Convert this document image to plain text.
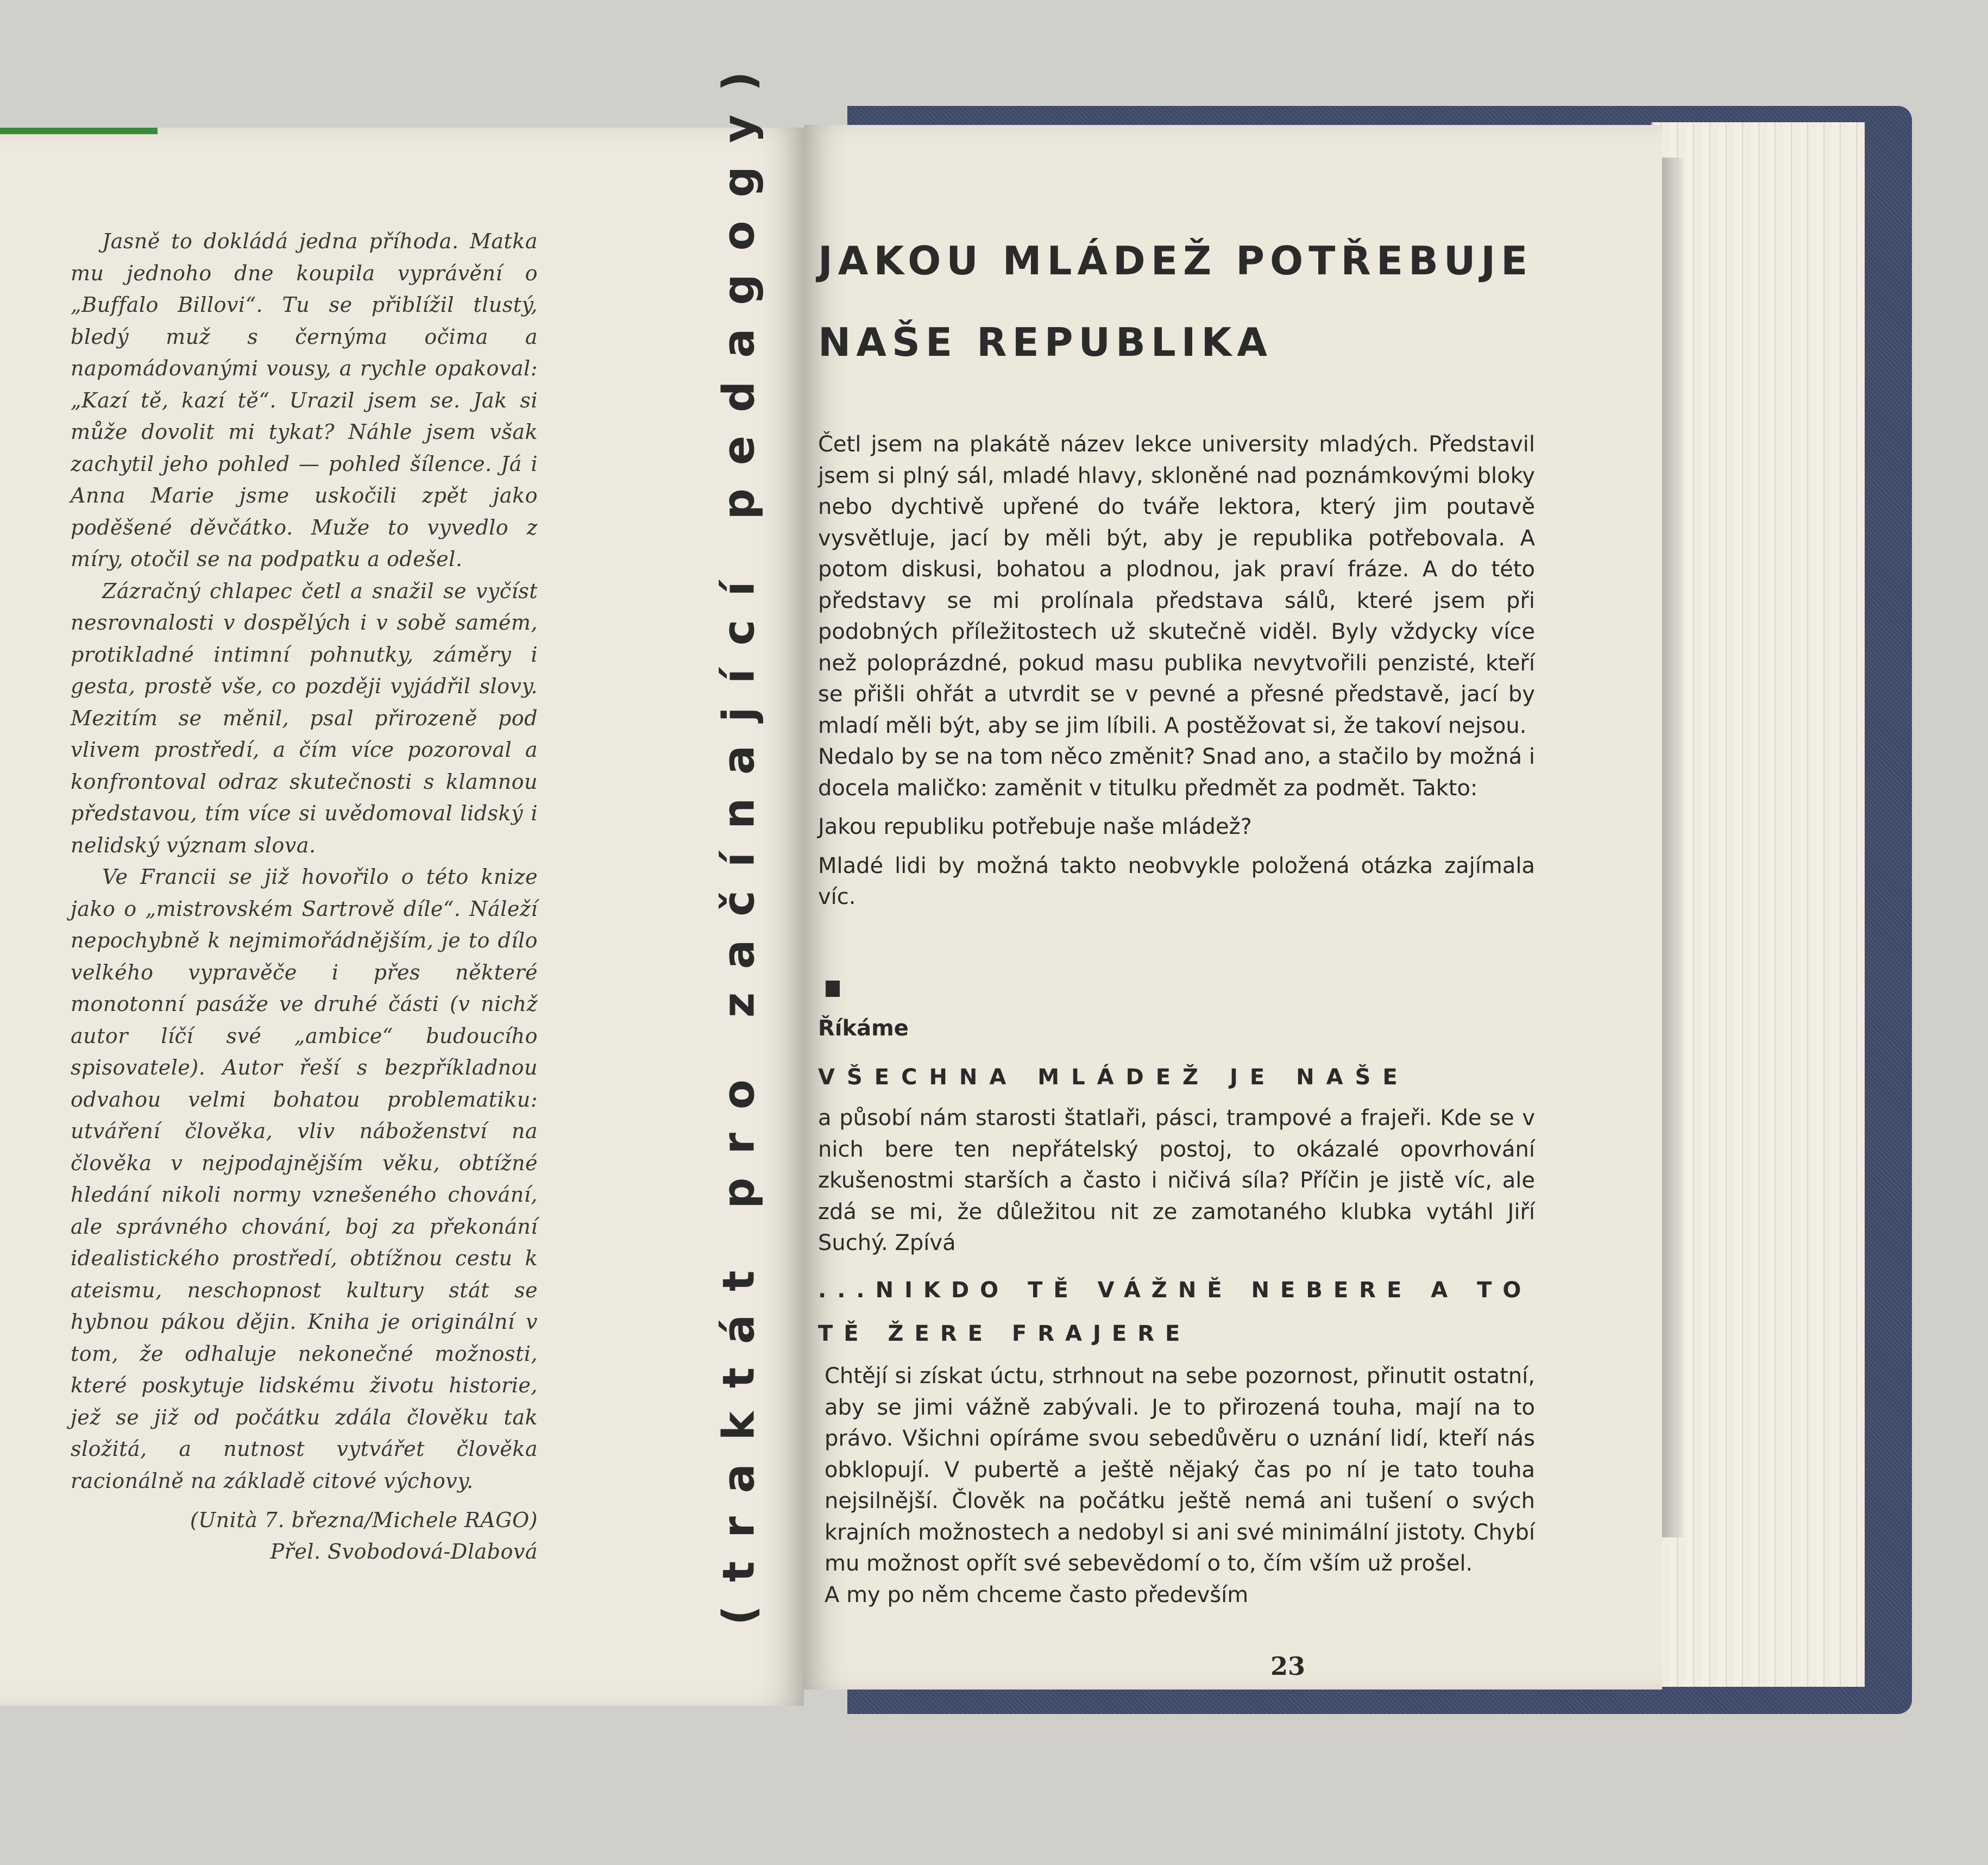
Jasně to dokládá jedna příhoda. Matka mu jednoho dne koupila vyprávění o „Buffalo Billovi“. Tu se přiblížil tlustý, bledý muž s černýma očima a napomádovanými vousy, a rychle opakoval: „Kazí tě, kazí tě“. Urazil jsem se. Jak si může dovolit mi tykat? Náhle jsem však zachytil jeho pohled — pohled šílence. Já i Anna Marie jsme uskočili zpět jako poděšené děvčátko. Muže to vyvedlo z míry, otočil se na podpatku a odešel.

Zázračný chlapec četl a snažil se vyčíst nesrovnalosti v dospělých i v sobě samém, protikladné intimní pohnutky, záměry i gesta, prostě vše, co později vyjádřil slovy. Mezitím se měnil, psal přirozeně pod vlivem prostředí, a čím více pozoroval a konfrontoval odraz skutečnosti s klamnou představou, tím více si uvědomoval lidský i nelidský význam slova.

Ve Francii se již hovořilo o této knize jako o „mistrovském Sartrově díle“. Náleží nepochybně k nejmimořádnějším, je to dílo velkého vypravěče i přes některé monotonní pasáže ve druhé části (v nichž autor líčí své „ambice“ budoucího spisovatele). Autor řeší s bezpříkladnou odvahou velmi bohatou problematiku: utváření člověka, vliv náboženství na člověka v nejpodajnějším věku, obtížné hledání nikoli normy vznešeného chování, ale správného chování, boj za překonání idealistického prostředí, obtížnou cestu k ateismu, neschopnost kultury stát se hybnou pákou dějin. Kniha je originální v tom, že odhaluje nekonečné možnosti, které poskytuje lidskému životu historie, jež se již od počátku zdála člověku tak složitá, a nutnost vytvářet člověka racionálně na základě citové výchovy.

(Unità 7. března/Michele RAGO)
Přel. Svobodová-Dlabová	(traktát pro začínající pedagogy) JAKOU MLÁDEŽ POTŘEBUJE
NAŠE REPUBLIKA

Četl jsem na plakátě název lekce university mladých. Představil jsem si plný sál, mladé hlavy, skloněné nad poznámkovými bloky nebo dychtivě upřené do tváře lektora, který jim poutavě vysvětluje, jací by měli být, aby je republika potřebovala. A potom diskusi, bohatou a plodnou, jak praví fráze. A do této představy se mi prolínala představa sálů, které jsem při podobných příležitostech už skutečně viděl. Byly vždycky více než poloprázdné, pokud masu publika nevytvořili penzisté, kteří se přišli ohřát a utvrdit se v pevné a přesné představě, jací by mladí měli být, aby se jim líbili. A postěžovat si, že takoví nejsou.

Nedalo by se na tom něco změnit? Snad ano, a stačilo by možná i docela maličko: zaměnit v titulku předmět za podmět. Takto:

Jakou republiku potřebuje naše mládež?

Mladé lidi by možná takto neobvykle položená otázka zajímala víc.

Říkáme
VŠECHNA MLÁDEŽ JE NAŠE
a působí nám starosti štatlaři, pásci, trampové a frajeři. Kde se v nich bere ten nepřátelský postoj, to okázalé opovrhování zkušenostmi starších a často i ničivá síla? Příčin je jistě víc, ale zdá se mi, že důležitou nit ze zamotaného klubka vytáhl Jiří Suchý. Zpívá
...NIKDO TĚ VÁŽNĚ NEBERE A TO TĚ ŽERE FRAJERE

Chtějí si získat úctu, strhnout na sebe pozornost, přinutit ostatní, aby se jimi vážně zabývali. Je to přirozená touha, mají na to právo. Všichni opíráme svou sebedůvěru o uznání lidí, kteří nás obklopují. V pubertě a ještě nějaký čas po ní je tato touha nejsilnější. Člověk na počátku ještě nemá ani tušení o svých krajních možnostech a nedobyl si ani své minimální jistoty. Chybí mu možnost opřít své sebevědomí o to, čím vším už prošel.

A my po něm chceme často především

23
